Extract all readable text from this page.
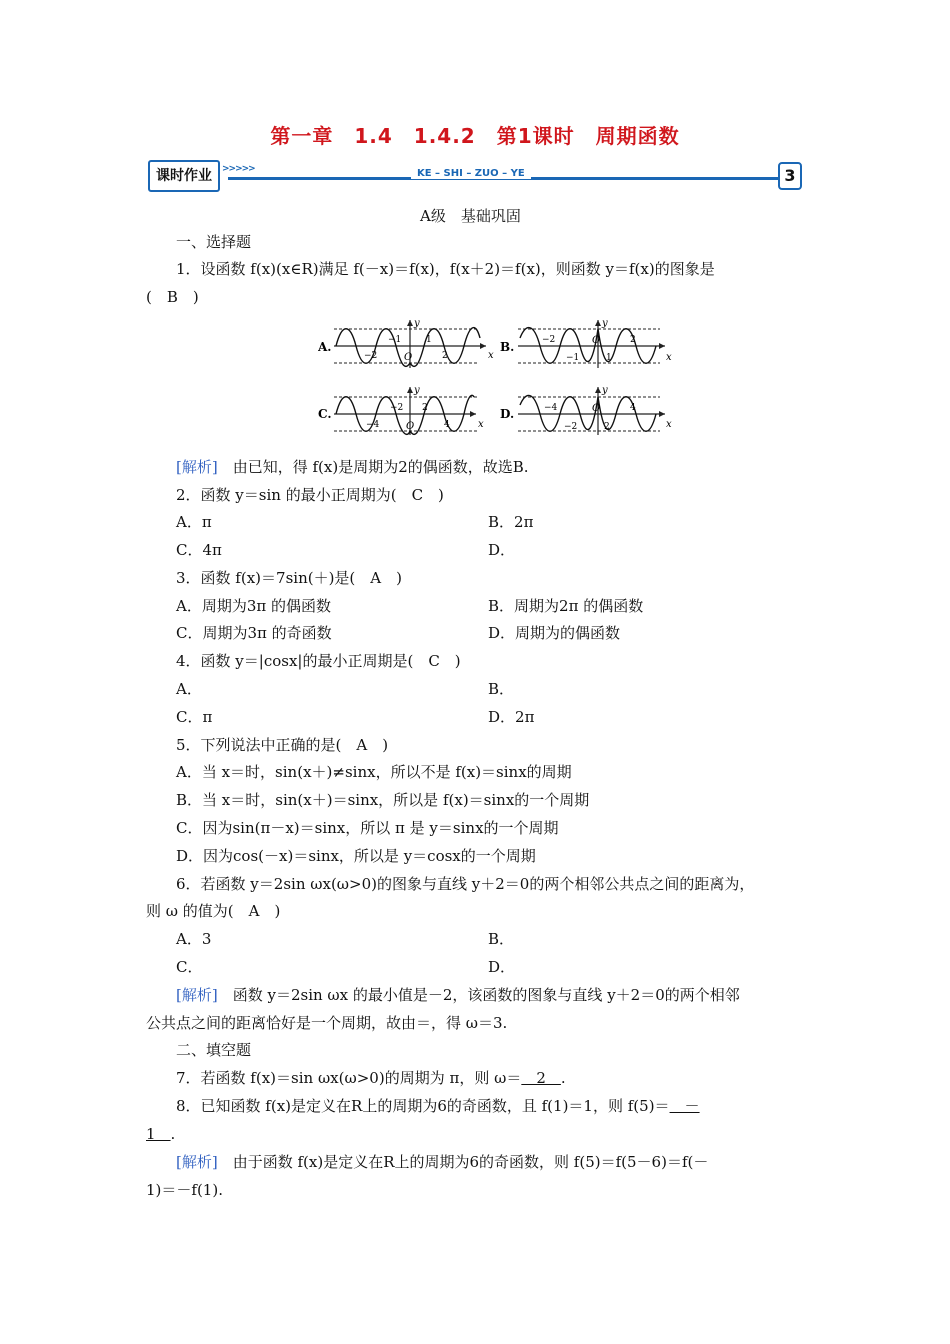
第一章　1.4　1.4.2　第1课时　周期函数
课时作业	>>>>>	KE – SHI – ZUO – YE	3
A级　基础巩固
一、选择题
1．设函数 f(x)(x∈R)满足 f(－x)＝f(x)，f(x＋2)＝f(x)，则函数 y＝f(x)的图象是
(　B　)
A.
y
x
O
−1	1
−2	2
B.
y
x
O
−2	2
−1	1
C.
y
x
O
−2 2
−4	4
D.
y
x
O
−4	4
−2	2
[解析]　由已知，得 f(x)是周期为2的偶函数，故选B.
2．函数 y＝sin 的最小正周期为(　C　)
A．π	B．2π
C．4π	D．
3．函数 f(x)＝7sin(＋)是(　A　)
A．周期为3π 的偶函数	B．周期为2π 的偶函数
C．周期为3π 的奇函数	D．周期为的偶函数
4．函数 y＝|cosx|的最小正周期是(　C　)
A．	B．
C．π	D．2π
5．下列说法中正确的是(　A　)
A．当 x＝时，sin(x＋)≠sinx，所以不是 f(x)＝sinx的周期
B．当 x＝时，sin(x＋)＝sinx，所以是 f(x)＝sinx的一个周期
C．因为sin(π－x)＝sinx，所以 π 是 y＝sinx的一个周期
D．因为cos(－x)＝sinx，所以是 y＝cosx的一个周期
6．若函数 y＝2sin ωx(ω>0)的图象与直线 y＋2＝0的两个相邻公共点之间的距离为，
则 ω 的值为(　A　)
A．3	B．
C．	D．
[解析]　函数 y＝2sin ωx 的最小值是－2，该函数的图象与直线 y＋2＝0的两个相邻
公共点之间的距离恰好是一个周期，故由＝，得 ω＝3.
二、填空题
7．若函数 f(x)＝sin ωx(ω>0)的周期为 π，则 ω＝　2　.
8．已知函数 f(x)是定义在R上的周期为6的奇函数，且 f(1)＝1，则 f(5)＝　－
1　.
[解析]　由于函数 f(x)是定义在R上的周期为6的奇函数，则 f(5)＝f(5－6)＝f(－
1)＝－f(1).
